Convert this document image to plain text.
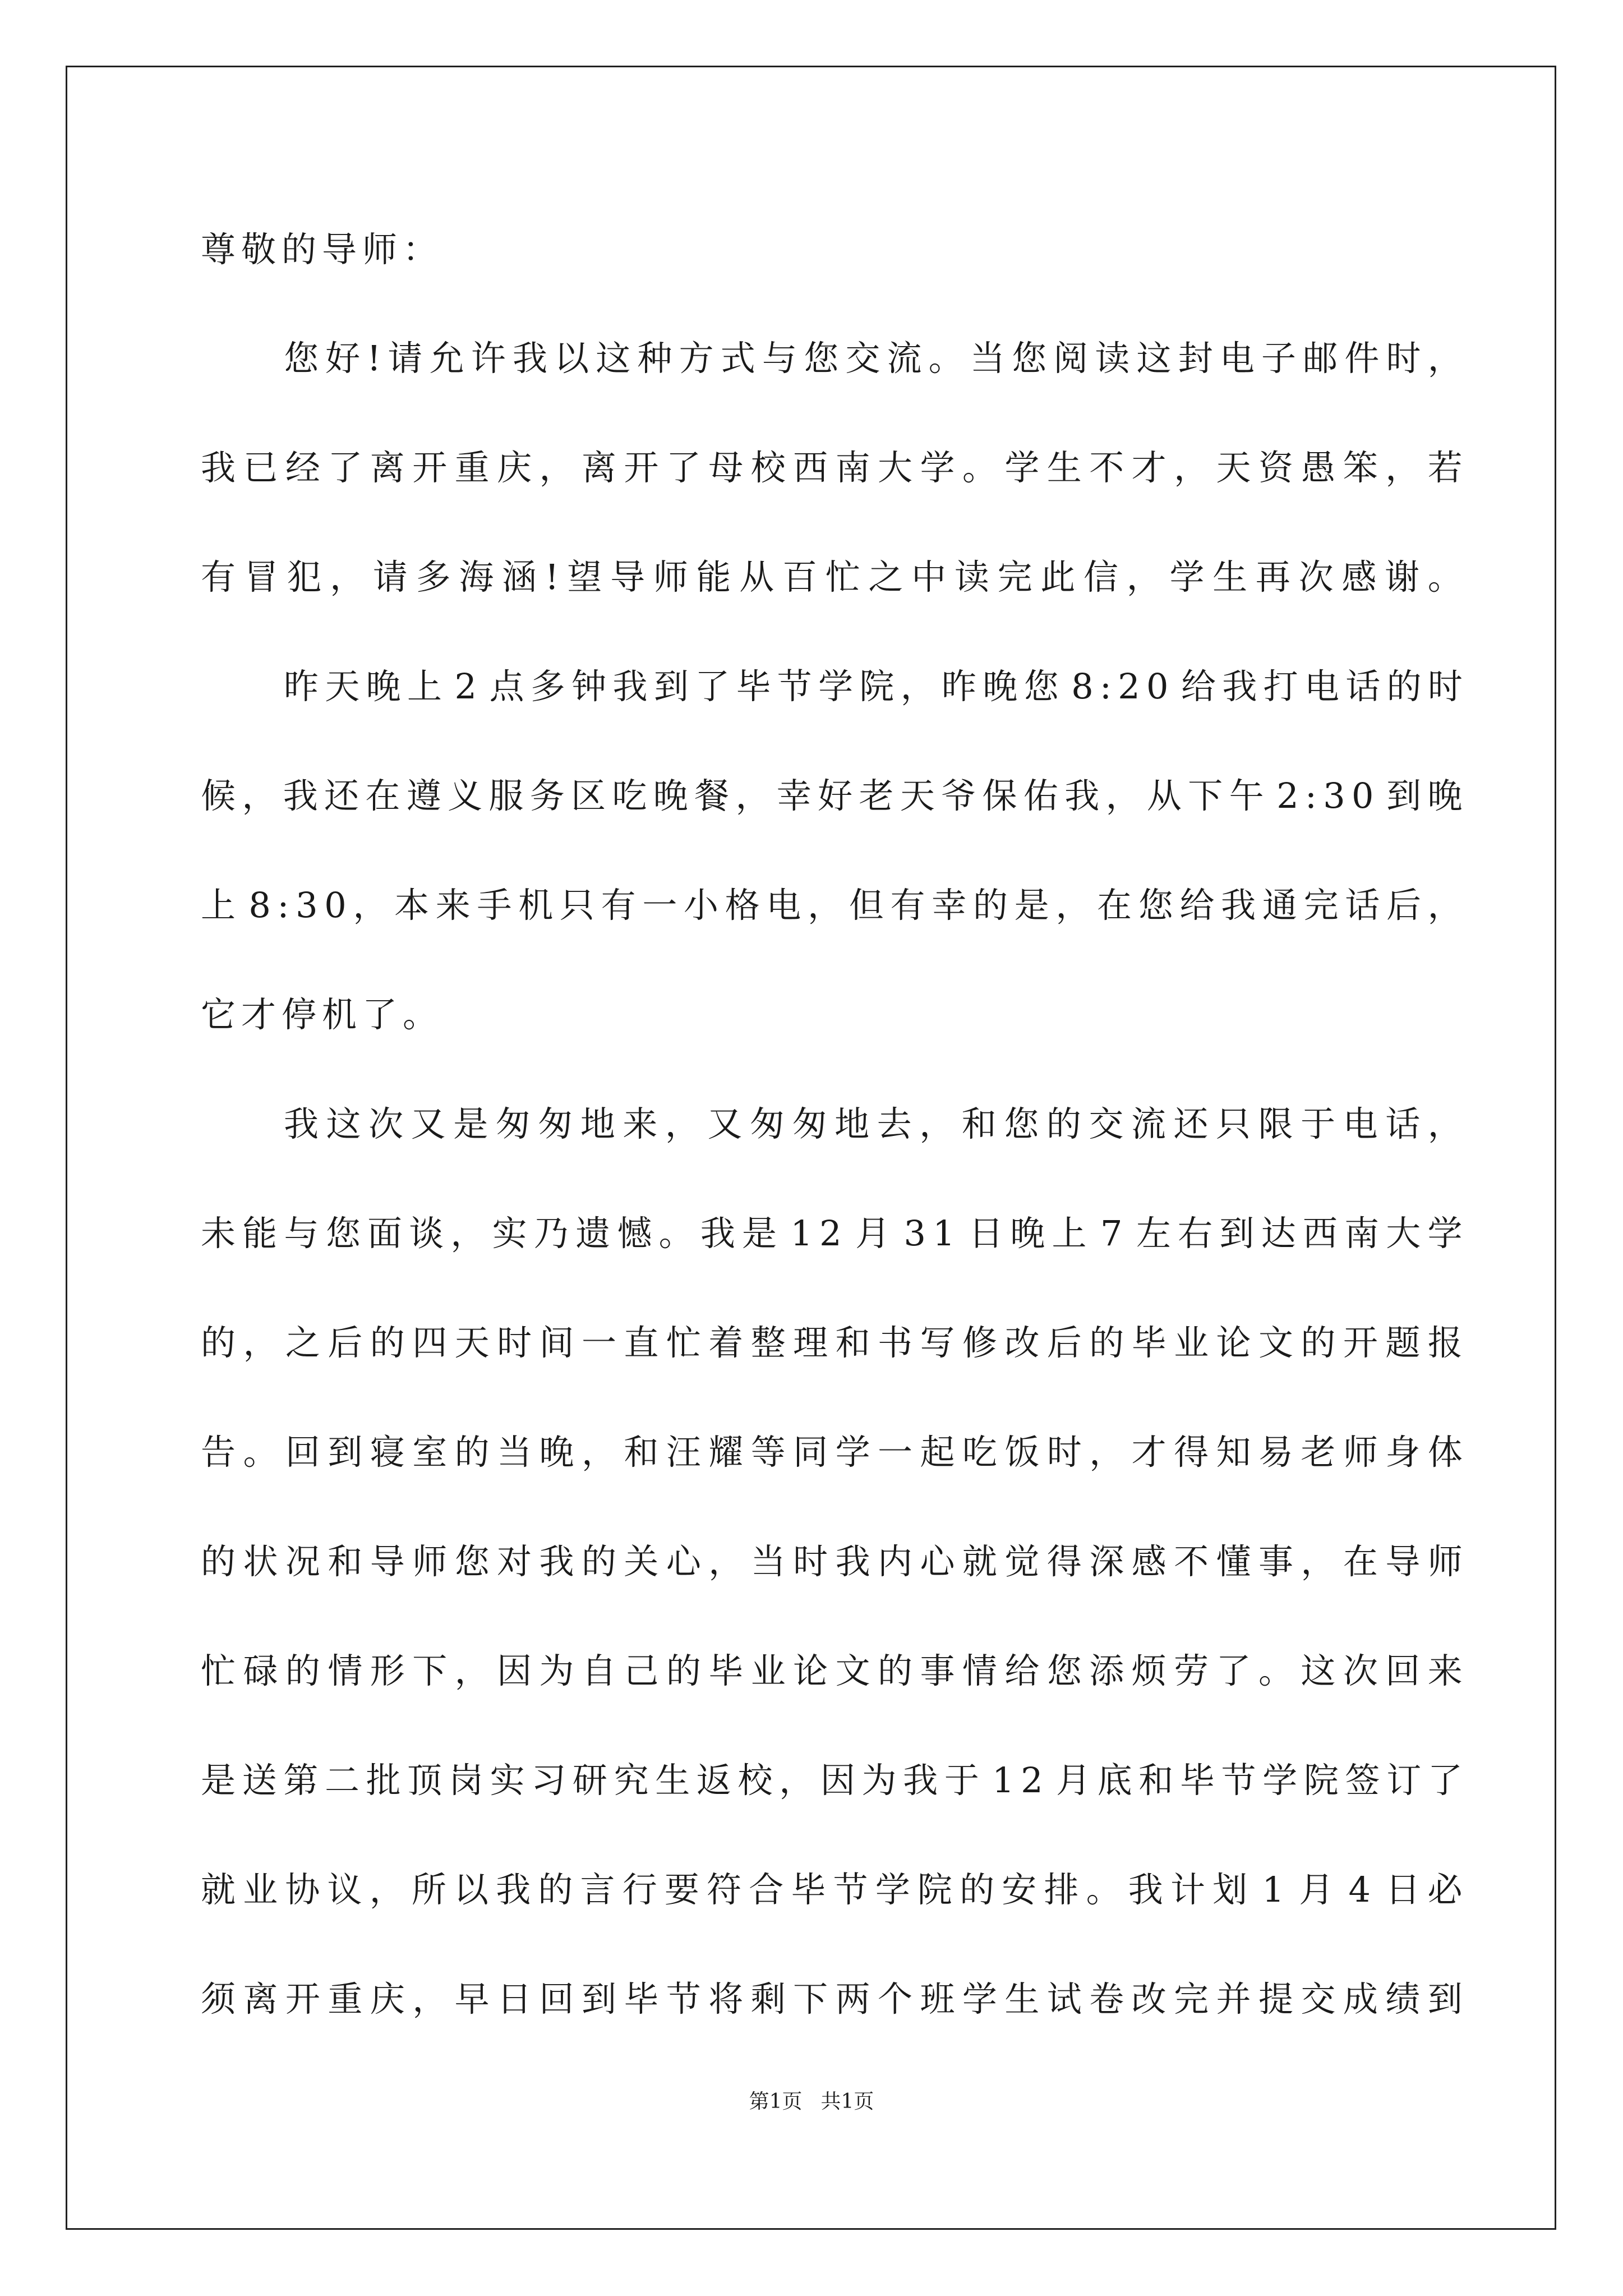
尊敬的导师：
您 好 ! 请 允 许 我 以 这 种 方 式 与 您 交 流 。 当 您 阅 读 这 封 电 子 邮 件 时 ，
我 已 经 了 离 开 重 庆 ， 离 开 了 母 校 西 南 大 学 。 学 生 不 才 ， 天 资 愚 笨 ， 若
有 冒 犯 ， 请 多 海 涵 ! 望 导 师 能 从 百 忙 之 中 读 完 此 信 ， 学 生 再 次 感 谢 。
昨 天 晚 上 2 点 多 钟 我 到 了 毕 节 学 院 ， 昨 晚 您 8 : 2 0 给 我 打 电 话 的 时
候 ， 我 还 在 遵 义 服 务 区 吃 晚 餐 ， 幸 好 老 天 爷 保 佑 我 ， 从 下 午 2 : 3 0 到 晚
上 8 : 3 0 ， 本 来 手 机 只 有 一 小 格 电 ， 但 有 幸 的 是 ， 在 您 给 我 通 完 话 后 ，
它才停机了。
我 这 次 又 是 匆 匆 地 来 ， 又 匆 匆 地 去 ， 和 您 的 交 流 还 只 限 于 电 话 ，
未 能 与 您 面 谈 ， 实 乃 遗 憾 。 我 是 1 2 月 3 1 日 晚 上 7 左 右 到 达 西 南 大 学
的 ， 之 后 的 四 天 时 间 一 直 忙 着 整 理 和 书 写 修 改 后 的 毕 业 论 文 的 开 题 报
告 。 回 到 寝 室 的 当 晚 ， 和 汪 耀 等 同 学 一 起 吃 饭 时 ， 才 得 知 易 老 师 身 体
的 状 况 和 导 师 您 对 我 的 关 心 ， 当 时 我 内 心 就 觉 得 深 感 不 懂 事 ， 在 导 师
忙 碌 的 情 形 下 ， 因 为 自 己 的 毕 业 论 文 的 事 情 给 您 添 烦 劳 了 。 这 次 回 来
是 送 第 二 批 顶 岗 实 习 研 究 生 返 校 ， 因 为 我 于 1 2 月 底 和 毕 节 学 院 签 订 了
就 业 协 议 ， 所 以 我 的 言 行 要 符 合 毕 节 学 院 的 安 排 。 我 计 划 1 月 4 日 必
须 离 开 重 庆 ， 早 日 回 到 毕 节 将 剩 下 两 个 班 学 生 试 卷 改 完 并 提 交 成 绩 到
第1页 共1页
